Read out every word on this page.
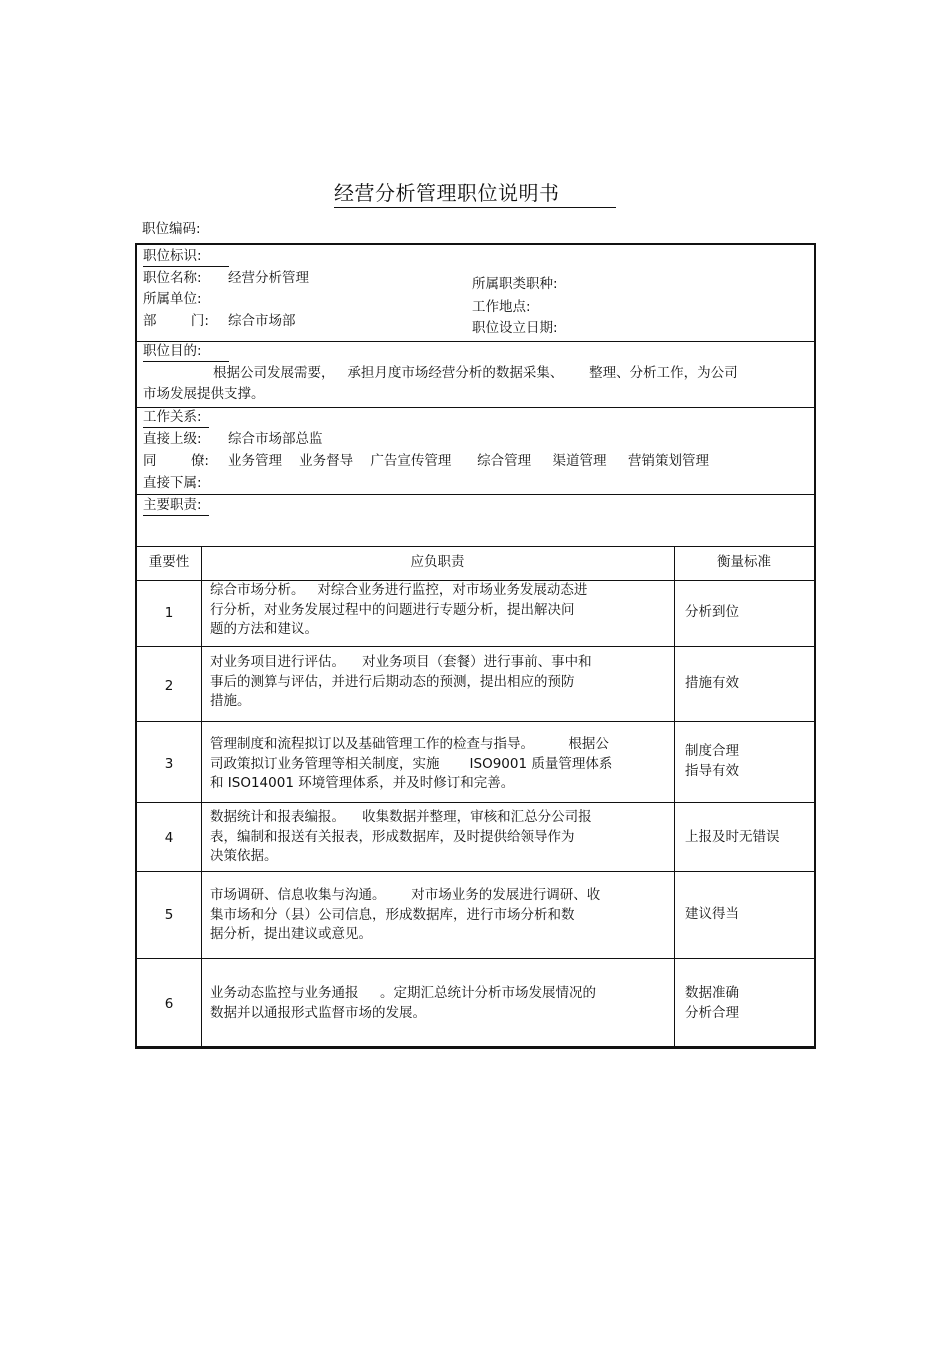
经营分析管理职位说明书
职位编码:
职位标识:
职位名称: 经营分析管理
所属单位:
部        门: 综合市场部
所属职类职种:
工作地点:
职位设立日期:
职位目的:
根据公司发展需要，   承担月度市场经营分析的数据采集、      整理、分析工作，为公司
市场发展提供支撑。
工作关系:
直接上级: 综合市场部总监
同        僚: 业务管理    业务督导    广告宣传管理      综合管理     渠道管理     营销策划管理
直接下属:
主要职责:
重要性	应负职责	衡量标准
1
综合市场分析。   对综合业务进行监控，对市场业务发展动态进
行分析，对业务发展过程中的问题进行专题分析，提出解决问
题的方法和建议。
分析到位
2
对业务项目进行评估。    对业务项目（套餐）进行事前、事中和
事后的测算与评估，并进行后期动态的预测，提出相应的预防
措施。
措施有效
3
管理制度和流程拟订以及基础管理工作的检查与指导。        根据公
司政策拟订业务管理等相关制度，实施       ISO9001 质量管理体系
和 ISO14001 环境管理体系，并及时修订和完善。
制度合理
指导有效
4
数据统计和报表编报。    收集数据并整理，审核和汇总分公司报
表，编制和报送有关报表，形成数据库，及时提供给领导作为
决策依据。
上报及时无错误
5
市场调研、信息收集与沟通。      对市场业务的发展进行调研、收
集市场和分（县）公司信息，形成数据库，进行市场分析和数
据分析，提出建议或意见。
建议得当
6
业务动态监控与业务通报     。定期汇总统计分析市场发展情况的
数据并以通报形式监督市场的发展。
数据准确
分析合理
